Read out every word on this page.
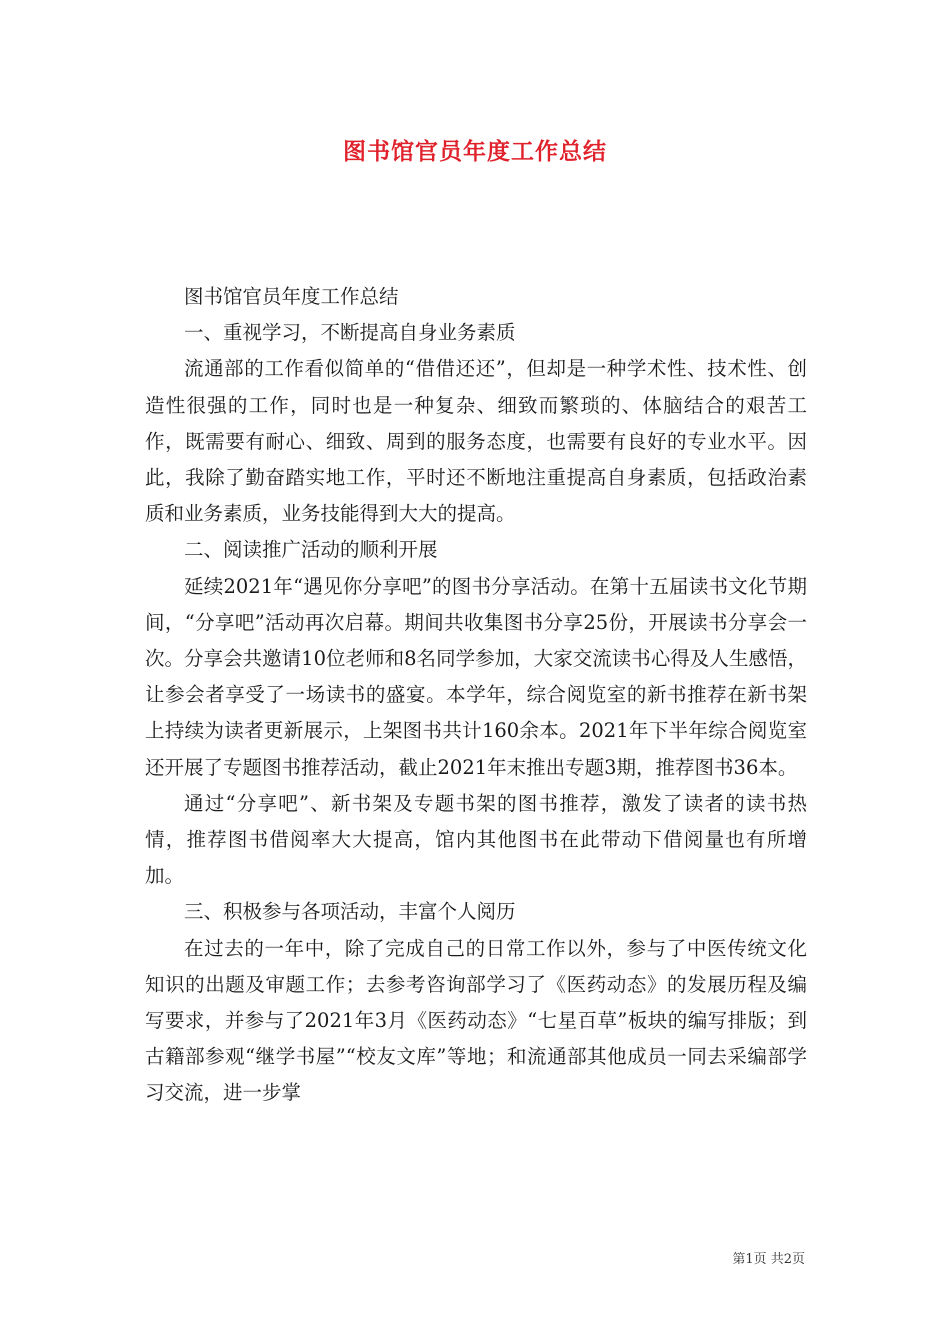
图书馆官员年度工作总结

图书馆官员年度工作总结

一、重视学习，不断提高自身业务素质

流通部的工作看似简单的“借借还还”，但却是一种学术性、技术性、创造性很强的工作，同时也是一种复杂、细致而繁琐的、体脑结合的艰苦工作，既需要有耐心、细致、周到的服务态度，也需要有良好的专业水平。因此，我除了勤奋踏实地工作，平时还不断地注重提高自身素质，包括政治素质和业务素质，业务技能得到大大的提高。

二、阅读推广活动的顺利开展

延续2021年“遇见你分享吧”的图书分享活动。在第十五届读书文化节期间，“分享吧”活动再次启幕。期间共收集图书分享25份，开展读书分享会一次。分享会共邀请10位老师和8名同学参加，大家交流读书心得及人生感悟，让参会者享受了一场读书的盛宴。本学年，综合阅览室的新书推荐在新书架上持续为读者更新展示，上架图书共计160余本。2021年下半年综合阅览室还开展了专题图书推荐活动，截止2021年末推出专题3期，推荐图书36本。

通过“分享吧”、新书架及专题书架的图书推荐，激发了读者的读书热情，推荐图书借阅率大大提高，馆内其他图书在此带动下借阅量也有所增加。

三、积极参与各项活动，丰富个人阅历

在过去的一年中，除了完成自己的日常工作以外，参与了中医传统文化知识的出题及审题工作；去参考咨询部学习了《医药动态》的发展历程及编写要求，并参与了2021年3月《医药动态》“七星百草”板块的编写排版；到古籍部参观“继学书屋”“校友文库”等地；和流通部其他成员一同去采编部学习交流，进一步掌

第1页 共2页
